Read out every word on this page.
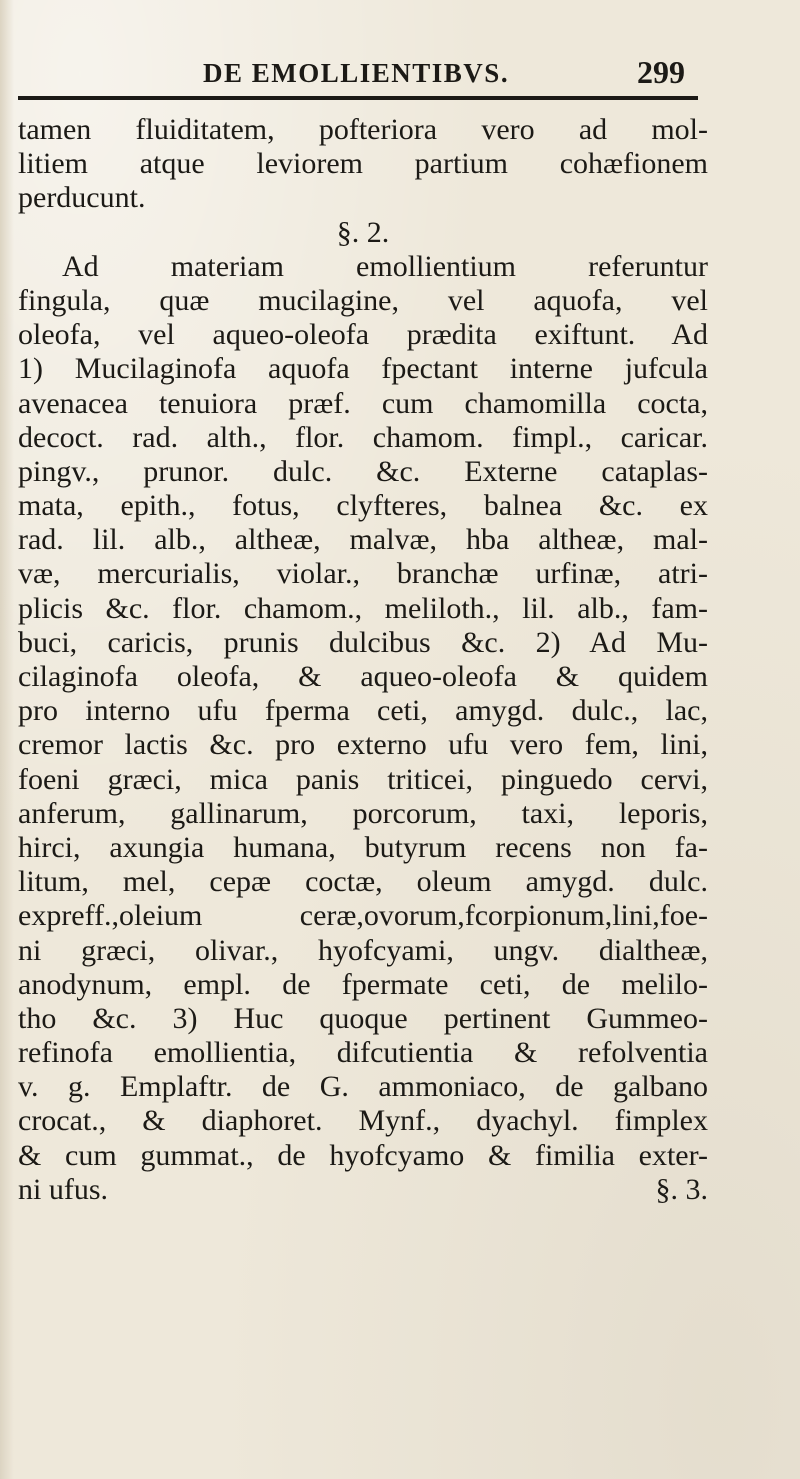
DE EMOLLIENTIBVS.	299
tamen fluiditatem, pofteriora vero ad mol-
litiem atque leviorem partium cohæfionem
perducunt.
§. 2.
Ad materiam emollientium referuntur
fingula, quæ mucilagine, vel aquofa, vel
oleofa, vel aqueo-oleofa prædita exiftunt. Ad
1) Mucilaginofa aquofa fpectant interne jufcula
avenacea tenuiora præf. cum chamomilla cocta,
decoct. rad. alth., flor. chamom. fimpl., caricar.
pingv., prunor. dulc. &c. Externe cataplas-
mata, epith., fotus, clyfteres, balnea &c. ex
rad. lil. alb., altheæ, malvæ, hba altheæ, mal-
væ, mercurialis, violar., branchæ urfinæ, atri-
plicis &c. flor. chamom., meliloth., lil. alb., fam-
buci, caricis, prunis dulcibus &c. 2) Ad Mu-
cilaginofa oleofa, & aqueo-oleofa & quidem
pro interno ufu fperma ceti, amygd. dulc., lac,
cremor lactis &c. pro externo ufu vero fem, lini,
foeni græci, mica panis triticei, pinguedo cervi,
anferum, gallinarum, porcorum, taxi, leporis,
hirci, axungia humana, butyrum recens non fa-
litum, mel, cepæ coctæ, oleum amygd. dulc.
expreff.,oleium ceræ,ovorum,fcorpionum,lini,foe-
ni græci, olivar., hyofcyami, ungv. dialtheæ,
anodynum, empl. de fpermate ceti, de melilo-
tho &c. 3) Huc quoque pertinent Gummeo-
refinofa emollientia, difcutientia & refolventia
v. g. Emplaftr. de G. ammoniaco, de galbano
crocat., & diaphoret. Mynf., dyachyl. fimplex
& cum gummat., de hyofcyamo & fimilia exter-
ni ufus.	§. 3.
